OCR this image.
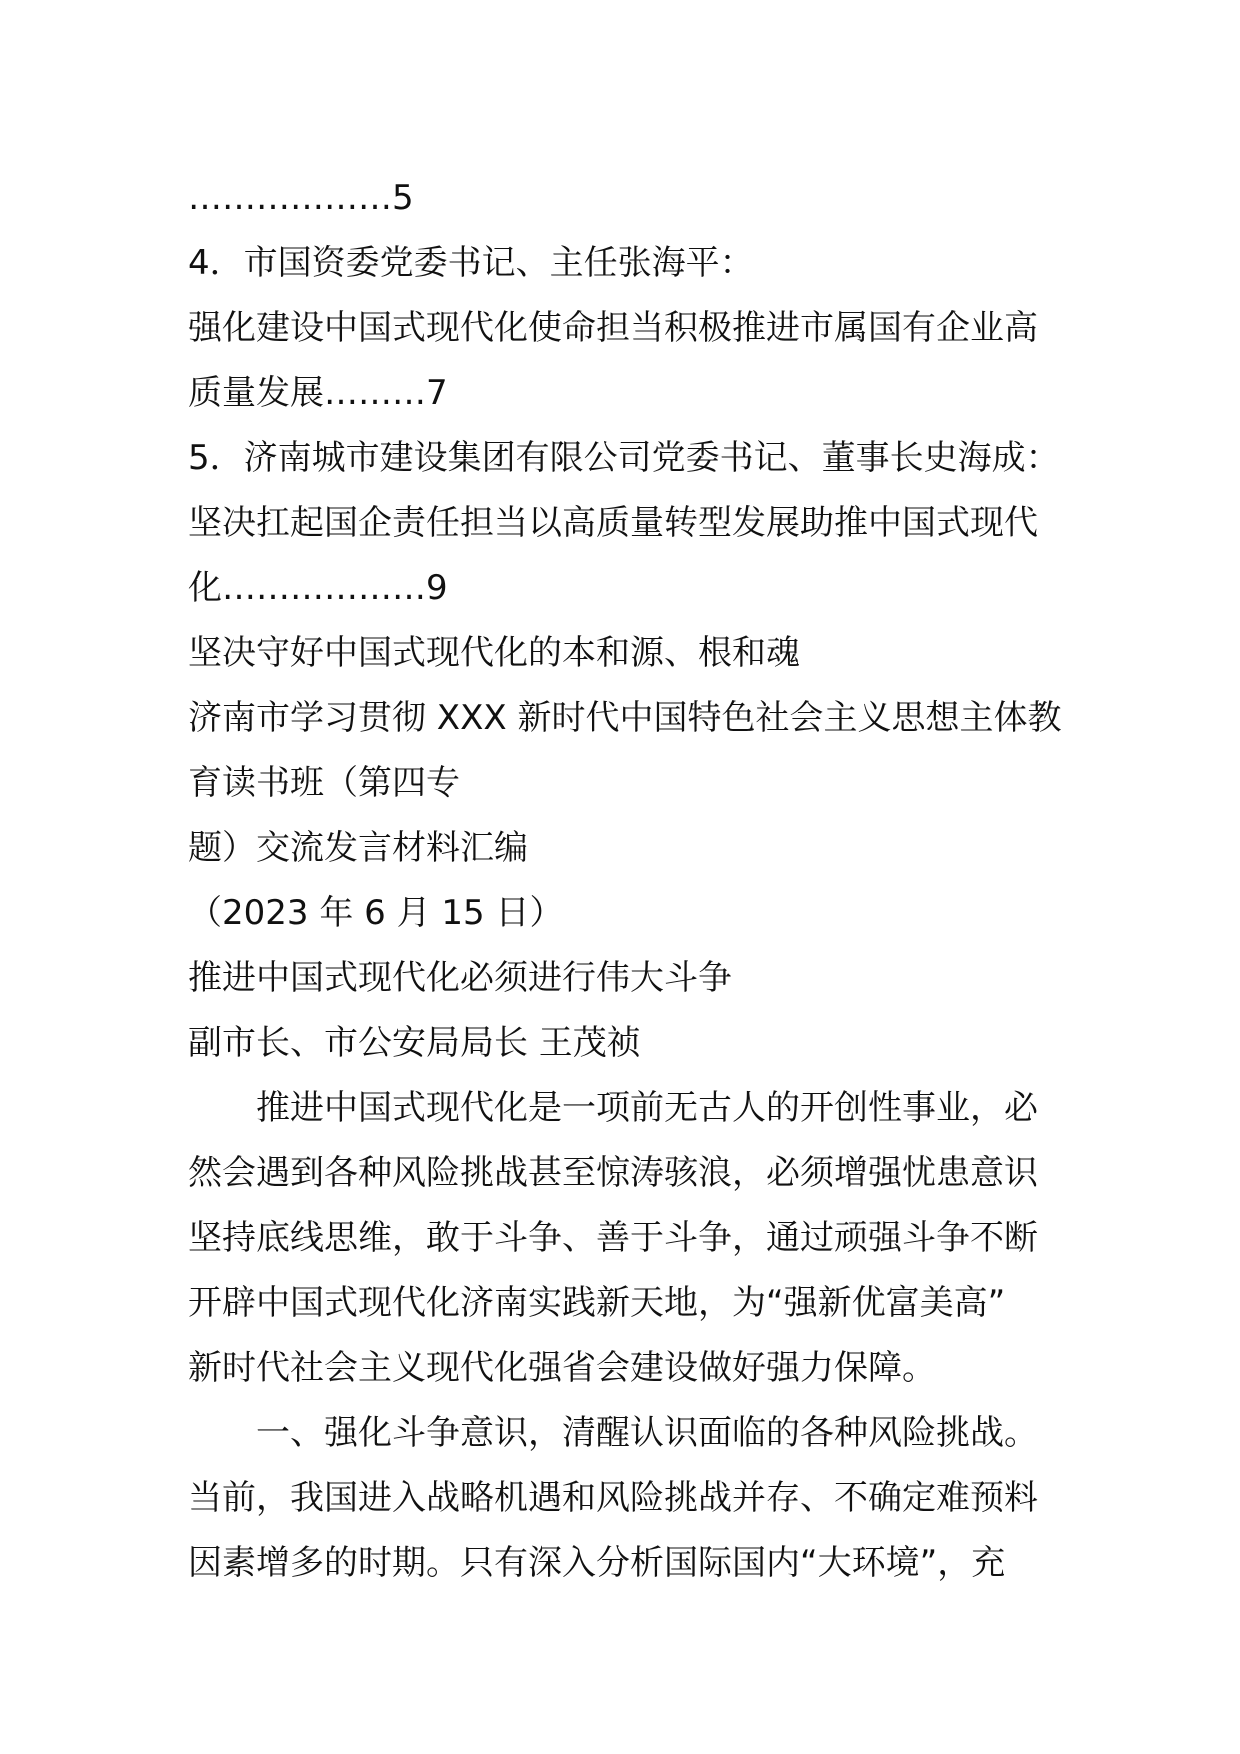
………………5
4．市国资委党委书记、主任张海平：
强化建设中国式现代化使命担当积极推进市属国有企业高
质量发展………7
5．济南城市建设集团有限公司党委书记、董事长史海成：
坚决扛起国企责任担当以高质量转型发展助推中国式现代
化………………9
坚决守好中国式现代化的本和源、根和魂
济南市学习贯彻 XXX 新时代中国特色社会主义思想主体教
育读书班（第四专
题）交流发言材料汇编
（2023 年 6 月 15 日）
推进中国式现代化必须进行伟大斗争
副市长、市公安局局长 王茂祯
推进中国式现代化是一项前无古人的开创性事业，必
然会遇到各种风险挑战甚至惊涛骇浪，必须增强忧患意识
坚持底线思维，敢于斗争、善于斗争，通过顽强斗争不断
开辟中国式现代化济南实践新天地，为“强新优富美高”
新时代社会主义现代化强省会建设做好强力保障。
一、强化斗争意识，清醒认识面临的各种风险挑战。
当前，我国进入战略机遇和风险挑战并存、不确定难预料
因素增多的时期。只有深入分析国际国内“大环境”，充
